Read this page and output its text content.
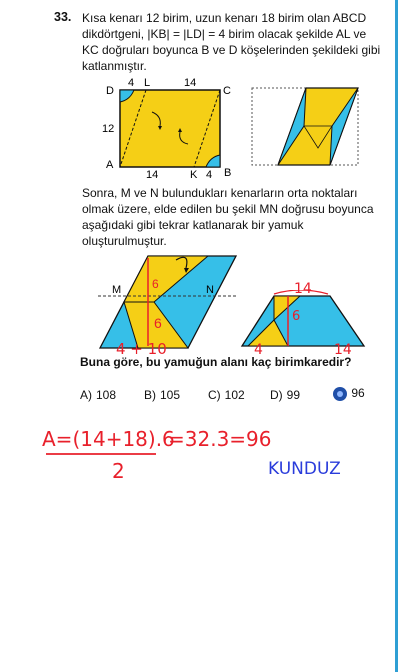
33. Kısa kenarı 12 birim, uzun kenarı 18 birim olan ABCD
dikdörtgeni, |KB| = |LD| = 4 birim olacak şekilde AL ve
KC doğruları boyunca B ve D köşelerinden şekildeki gibi
katlanmıştır.
D
L
C
A
K B
4	14
12
14	4
Sonra, M ve N bulundukları kenarların orta noktaları
olmak üzere, elde edilen bu şekil MN doğrusu boyunca
aşağıdaki gibi tekrar katlanarak bir yamuk
oluşturulmuştur.
M	N
6
6
4 + 10
14
6
4	14
Buna göre, bu yamuğun alanı kaç birimkaredir?
A) 108 B) 105 C) 102 D) 99	96
A=(14+18).6
2
=32.3=96
KUNDUZ
